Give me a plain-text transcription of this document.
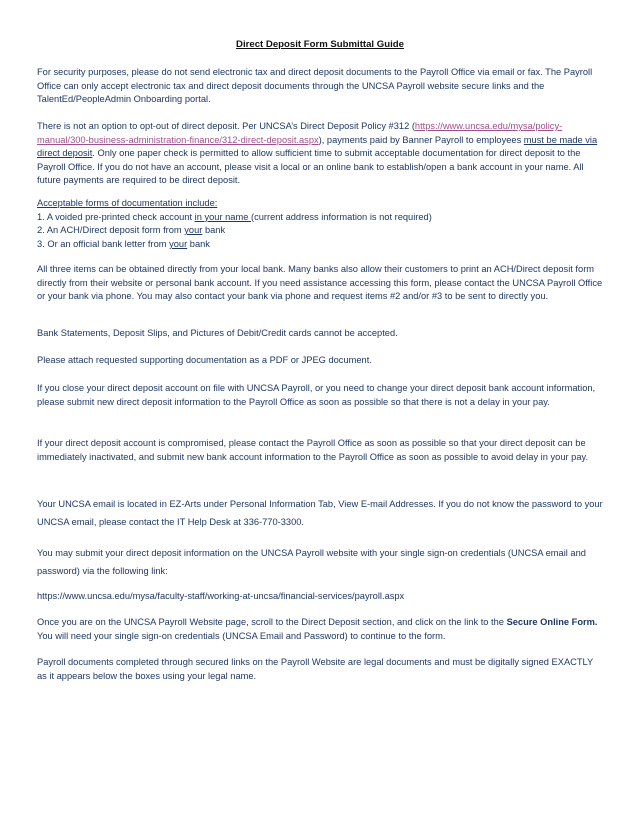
Direct Deposit Form Submittal Guide

For security purposes, please do not send electronic tax and direct deposit documents to the Payroll Office via email or fax. The Payroll Office can only accept electronic tax and direct deposit documents through the UNCSA Payroll website secure links and the TalentEd/PeopleAdmin Onboarding portal.

There is not an option to opt-out of direct deposit. Per UNCSA’s Direct Deposit Policy #312 (https://www.uncsa.edu/mysa/policy-manual/300-business-administration-finance/312-direct-deposit.aspx), payments paid by Banner Payroll to employees must be made via direct deposit. Only one paper check is permitted to allow sufficient time to submit acceptable documentation for direct deposit to the Payroll Office. If you do not have an account, please visit a local or an online bank to establish/open a bank account in your name. All future payments are required to be direct deposit.

Acceptable forms of documentation include:
1. A voided pre-printed check account in your name (current address information is not required)
2. An ACH/Direct deposit form from your bank
3. Or an official bank letter from your bank

All three items can be obtained directly from your local bank. Many banks also allow their customers to print an ACH/Direct deposit form directly from their website or personal bank account. If you need assistance accessing this form, please contact the UNCSA Payroll Office or your bank via phone. You may also contact your bank via phone and request items #2 and/or #3 to be sent to directly you.

Bank Statements, Deposit Slips, and Pictures of Debit/Credit cards cannot be accepted.

Please attach requested supporting documentation as a PDF or JPEG document.

If you close your direct deposit account on file with UNCSA Payroll, or you need to change your direct deposit bank account information, please submit new direct deposit information to the Payroll Office as soon as possible so that there is not a delay in your pay.

If your direct deposit account is compromised, please contact the Payroll Office as soon as possible so that your direct deposit can be immediately inactivated, and submit new bank account information to the Payroll Office as soon as possible to avoid delay in your pay.

Your UNCSA email is located in EZ-Arts under Personal Information Tab, View E-mail Addresses. If you do not know the password to your UNCSA email, please contact the IT Help Desk at 336-770-3300.

You may submit your direct deposit information on the UNCSA Payroll website with your single sign-on credentials (UNCSA email and password) via the following link:

https://www.uncsa.edu/mysa/faculty-staff/working-at-uncsa/financial-services/payroll.aspx

Once you are on the UNCSA Payroll Website page, scroll to the Direct Deposit section, and click on the link to the Secure Online Form. You will need your single sign-on credentials (UNCSA Email and Password) to continue to the form.

Payroll documents completed through secured links on the Payroll Website are legal documents and must be digitally signed EXACTLY as it appears below the boxes using your legal name.
